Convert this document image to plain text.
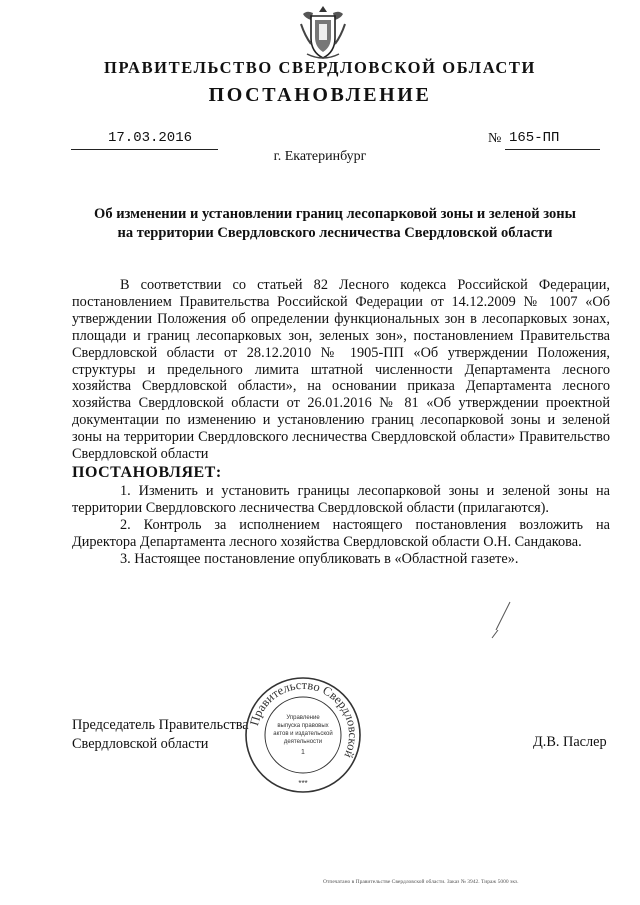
ПРАВИТЕЛЬСТВО СВЕРДЛОВСКОЙ ОБЛАСТИ
ПОСТАНОВЛЕНИЕ
17.03.2016	№ 165-ПП
г. Екатеринбург
Об изменении и установлении границ лесопарковой зоны и зеленой зоны
на территории Свердловского лесничества Свердловской области

В соответствии со статьей 82 Лесного кодекса Российской Федерации, постановлением Правительства Российской Федерации от 14.12.2009 № 1007 «Об утверждении Положения об определении функциональных зон в лесопарковых зонах, площади и границ лесопарковых зон, зеленых зон», постановлением Правительства Свердловской области от 28.12.2010 № 1905-ПП «Об утверждении Положения, структуры и предельного лимита штатной численности Департамента лесного хозяйства Свердловской области», на основании приказа Департамента лесного хозяйства Свердловской области от 26.01.2016 № 81 «Об утверждении проектной документации по изменению и установлению границ лесопарковой зоны и зеленой зоны на территории Свердловского лесничества Свердловской области» Правительство Свердловской области

ПОСТАНОВЛЯЕТ:

1. Изменить и установить границы лесопарковой зоны и зеленой зоны на территории Свердловского лесничества Свердловской области (прилагаются).

2. Контроль за исполнением настоящего постановления возложить на Директора Департамента лесного хозяйства Свердловской области О.Н. Сандакова.

3. Настоящее постановление опубликовать в «Областной газете».

Председатель Правительства
Свердловской области	Д.В. Паслер
Правительство Свердловской
Управление
выпуска правовых
актов и издательской
деятельности
1
***
Отпечатано в Правительстве Свердловской области. Заказ № 3942. Тираж 5000 экз.
